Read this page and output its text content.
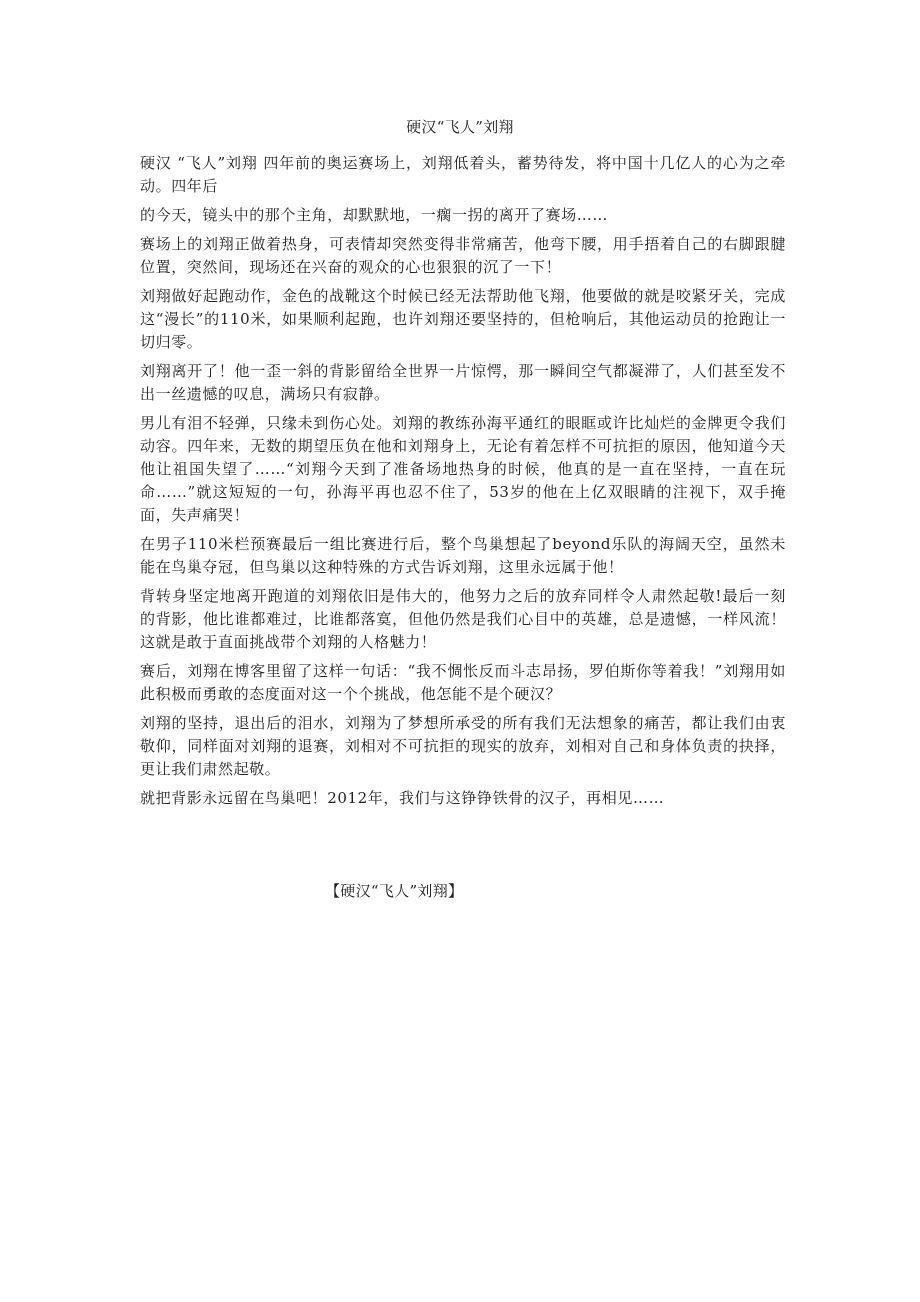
硬汉“飞人”刘翔

硬汉 “飞人”刘翔 四年前的奥运赛场上，刘翔低着头，蓄势待发，将中国十几亿人的心为之牵动。四年后

的今天，镜头中的那个主角，却默默地，一瘸一拐的离开了赛场……

赛场上的刘翔正做着热身，可表情却突然变得非常痛苦，他弯下腰，用手捂着自己的右脚跟腱位置，突然间，现场还在兴奋的观众的心也狠狠的沉了一下！

刘翔做好起跑动作，金色的战靴这个时候已经无法帮助他飞翔，他要做的就是咬紧牙关，完成这“漫长”的110米，如果顺利起跑，也许刘翔还要坚持的，但枪响后，其他运动员的抢跑让一切归零。

刘翔离开了！他一歪一斜的背影留给全世界一片惊愕，那一瞬间空气都凝滞了，人们甚至发不出一丝遗憾的叹息，满场只有寂静。

男儿有泪不轻弹，只缘未到伤心处。刘翔的教练孙海平通红的眼眶或许比灿烂的金牌更令我们动容。四年来，无数的期望压负在他和刘翔身上，无论有着怎样不可抗拒的原因，他知道今天他让祖国失望了……“刘翔今天到了准备场地热身的时候，他真的是一直在坚持，一直在玩命……”就这短短的一句，孙海平再也忍不住了，53岁的他在上亿双眼睛的注视下，双手掩面，失声痛哭！

在男子110米栏预赛最后一组比赛进行后，整个鸟巢想起了beyond乐队的海阔天空，虽然未能在鸟巢夺冠，但鸟巢以这种特殊的方式告诉刘翔，这里永远属于他！

背转身坚定地离开跑道的刘翔依旧是伟大的，他努力之后的放弃同样令人肃然起敬!最后一刻的背影，他比谁都难过，比谁都落寞，但他仍然是我们心目中的英雄，总是遗憾，一样风流！这就是敢于直面挑战带个刘翔的人格魅力！

赛后，刘翔在博客里留了这样一句话：“我不惆怅反而斗志昂扬，罗伯斯你等着我！”刘翔用如此积极而勇敢的态度面对这一个个挑战，他怎能不是个硬汉？

刘翔的坚持，退出后的泪水，刘翔为了梦想所承受的所有我们无法想象的痛苦，都让我们由衷敬仰，同样面对刘翔的退赛，刘相对不可抗拒的现实的放弃，刘相对自己和身体负责的抉择，更让我们肃然起敬。

就把背影永远留在鸟巢吧！2012年，我们与这铮铮铁骨的汉子，再相见……

【硬汉“飞人”刘翔】
